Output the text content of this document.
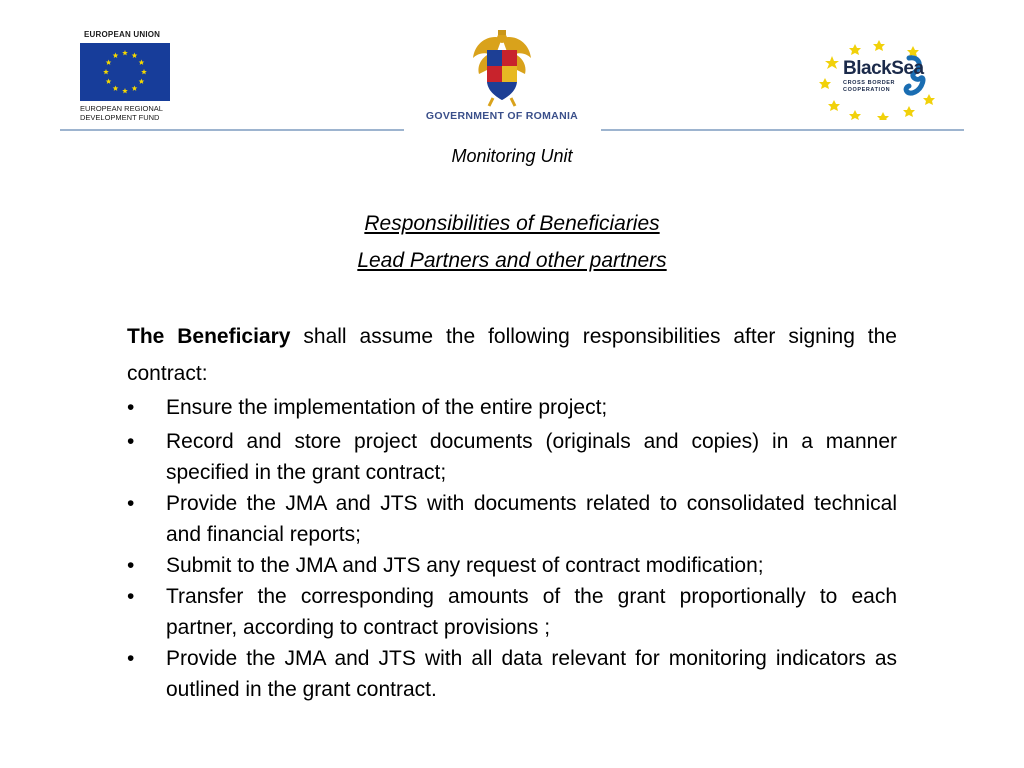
EUROPEAN UNION
EUROPEAN REGIONAL
DEVELOPMENT FUND	GOVERNMENT OF ROMANIA
BlackSea
CROSS BORDER
COOPERATION
Monitoring Unit
Responsibilities of Beneficiaries
Lead Partners and other partners

The Beneficiary shall assume the following responsibilities after signing the contract:

• Ensure the implementation of the entire project;
• Record and store project documents (originals and copies) in a manner specified in the grant contract;
• Provide the JMA and JTS with documents related to consolidated technical and financial reports;
• Submit to the JMA and JTS any request of contract modification;
• Transfer the corresponding amounts of the grant proportionally to each partner, according to contract provisions ;
• Provide the JMA and JTS with all data relevant for monitoring indicators as outlined in the grant contract.
